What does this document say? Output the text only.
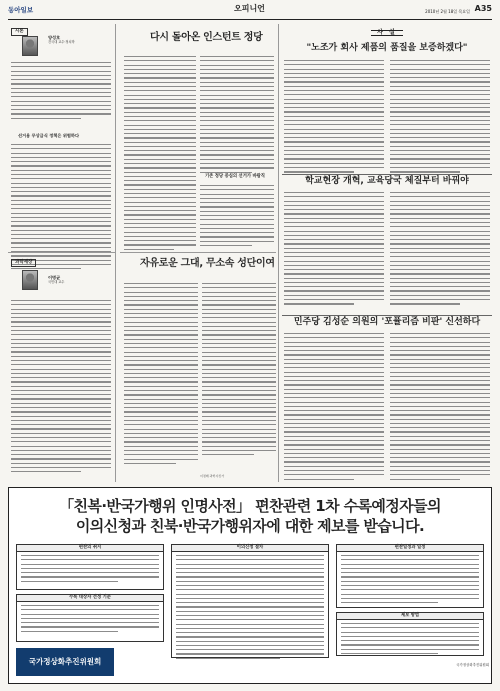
동아일보	오피니언	2010년 2월 18일 목요일 A35
시론
양성호
건국대 교수·정치학
선거용 무상급식 정책은 위험하다
과학세상
이명균
국민대 교수
다시 돌아온 인스턴트 정당
기존 정당 중심의 선거가 바람직
자유로운 그대, 무소속 성단이여
이정배 과학사진가
사 설
"노조가 회사 제품의 품질을 보증하겠다"
학교현장 개혁, 교육당국 체질부터 바꿔야
민주당 김성순 의원의 '포퓰리즘 비판' 신선하다
「친복·반국가행위 인명사전」 편찬관련 1차 수록예정자들의
이의신청과 친북·반국가행위자에 대한 제보를 받습니다.
편찬의 취지
수록 대상자 선정 기준
이의신청 절차	편찬일정과 일정
제보 방법
국가정상화추진위원회	국가정상화추진위원회
